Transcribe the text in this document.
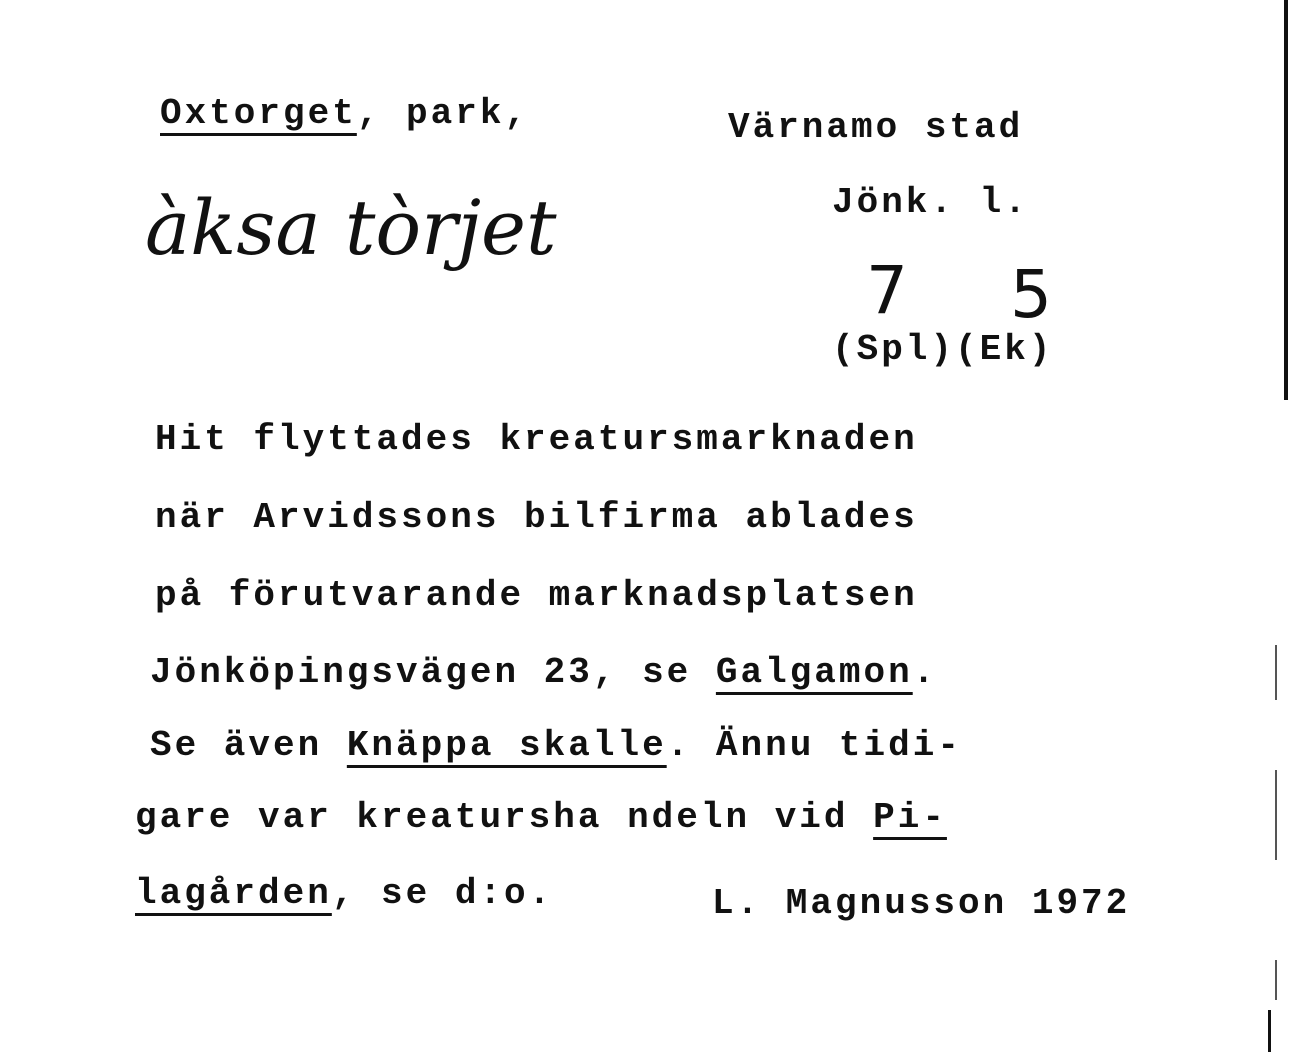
Oxtorget, park,	Värnamo stad
Jönk. l.
àksa tòrjet
7 5
(Spl)(Ek)
Hit flyttades kreatursmarknaden
när Arvidssons bilfirma ablades
på förutvarande marknadsplatsen
Jönköpingsvägen 23, se Galgamon.
Se även Knäppa skalle. Ännu tidi-
gare var kreatursha ndeln vid Pi-
lagården, se d:o.	L. Magnusson 1972
